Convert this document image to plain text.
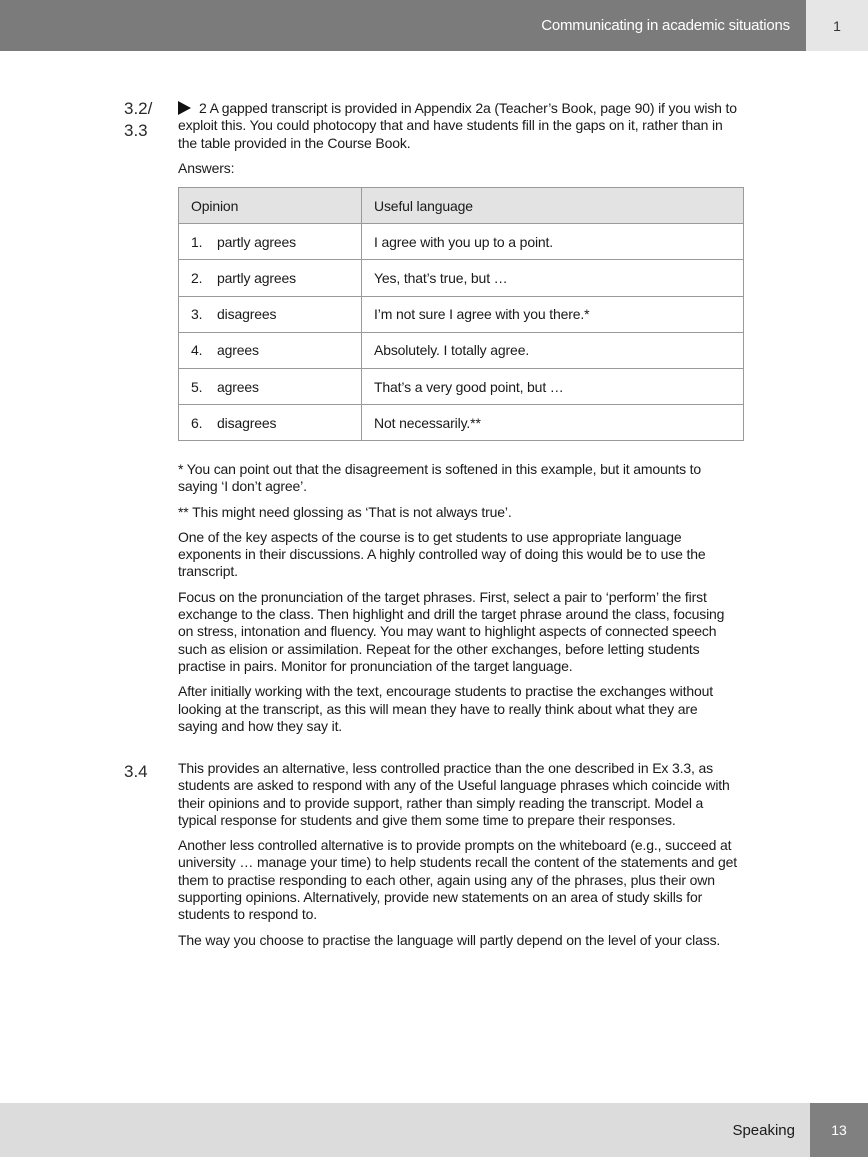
Communicating in academic situations	1
3.2/
3.3

2 A gapped transcript is provided in Appendix 2a (Teacher’s Book, page 90) if you wish to exploit this. You could photocopy that and have students fill in the gaps on it, rather than in the table provided in the Course Book.

Answers:

Opinion	Useful language
1. partly agrees	I agree with you up to a point.
2. partly agrees	Yes, that’s true, but …
3. disagrees	I’m not sure I agree with you there.*
4. agrees	Absolutely. I totally agree.
5. agrees	That’s a very good point, but …
6. disagrees	Not necessarily.**

* You can point out that the disagreement is softened in this example, but it amounts to saying ‘I don’t agree’.

** This might need glossing as ‘That is not always true’.

One of the key aspects of the course is to get students to use appropriate language exponents in their discussions. A highly controlled way of doing this would be to use the transcript.

Focus on the pronunciation of the target phrases. First, select a pair to ‘perform’ the first exchange to the class. Then highlight and drill the target phrase around the class, focusing on stress, intonation and fluency. You may want to highlight aspects of connected speech such as elision or assimilation. Repeat for the other exchanges, before letting students practise in pairs. Monitor for pronunciation of the target language.

After initially working with the text, encourage students to practise the exchanges without looking at the transcript, as this will mean they have to really think about what they are saying and how they say it.

3.4 This provides an alternative, less controlled practice than the one described in Ex 3.3, as students are asked to respond with any of the Useful language phrases which coincide with their opinions and to provide support, rather than simply reading the transcript. Model a typical response for students and give them some time to prepare their responses.

Another less controlled alternative is to provide prompts on the whiteboard (e.g., succeed at university … manage your time) to help students recall the content of the statements and get them to practise responding to each other, again using any of the phrases, plus their own supporting opinions. Alternatively, provide new statements on an area of study skills for students to respond to.

The way you choose to practise the language will partly depend on the level of your class.

Speaking	13
